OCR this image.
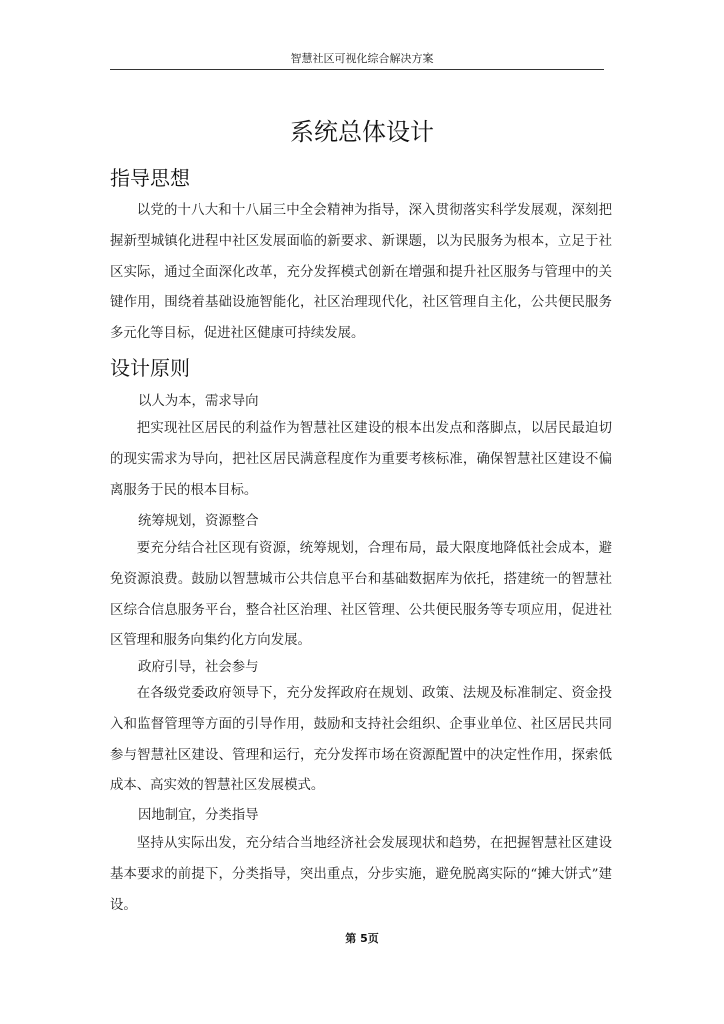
智慧社区可视化综合解决方案
系统总体设计
指导思想

以党的十八大和十八届三中全会精神为指导，深入贯彻落实科学发展观，深刻把握新型城镇化进程中社区发展面临的新要求、新课题，以为民服务为根本，立足于社区实际，通过全面深化改革，充分发挥模式创新在增强和提升社区服务与管理中的关键作用，围绕着基础设施智能化，社区治理现代化，社区管理自主化，公共便民服务多元化等目标，促进社区健康可持续发展。

设计原则

以人为本，需求导向

把实现社区居民的利益作为智慧社区建设的根本出发点和落脚点，以居民最迫切的现实需求为导向，把社区居民满意程度作为重要考核标准，确保智慧社区建设不偏离服务于民的根本目标。

统筹规划，资源整合

要充分结合社区现有资源，统筹规划，合理布局，最大限度地降低社会成本，避免资源浪费。鼓励以智慧城市公共信息平台和基础数据库为依托，搭建统一的智慧社区综合信息服务平台，整合社区治理、社区管理、公共便民服务等专项应用，促进社区管理和服务向集约化方向发展。

政府引导，社会参与

在各级党委政府领导下，充分发挥政府在规划、政策、法规及标准制定、资金投入和监督管理等方面的引导作用，鼓励和支持社会组织、企事业单位、社区居民共同参与智慧社区建设、管理和运行，充分发挥市场在资源配置中的决定性作用，探索低成本、高实效的智慧社区发展模式。

因地制宜，分类指导

坚持从实际出发，充分结合当地经济社会发展现状和趋势，在把握智慧社区建设基本要求的前提下，分类指导，突出重点，分步实施，避免脱离实际的“摊大饼式”建设。

第 5页
